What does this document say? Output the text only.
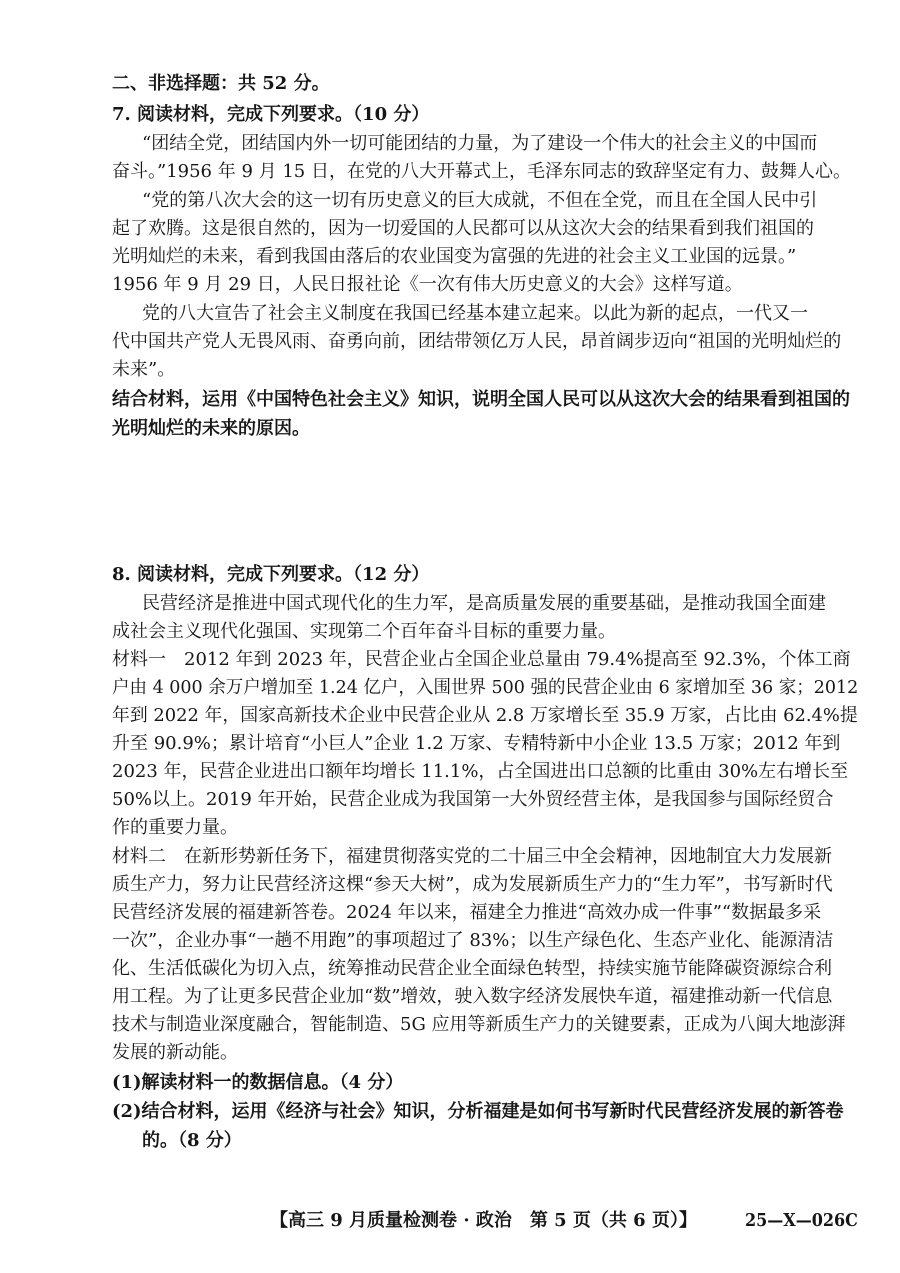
二、非选择题：共 52 分。
7. 阅读材料，完成下列要求。（10 分）
“团结全党，团结国内外一切可能团结的力量，为了建设一个伟大的社会主义的中国而
奋斗。”1956 年 9 月 15 日，在党的八大开幕式上，毛泽东同志的致辞坚定有力、鼓舞人心。
“党的第八次大会的这一切有历史意义的巨大成就，不但在全党，而且在全国人民中引
起了欢腾。这是很自然的，因为一切爱国的人民都可以从这次大会的结果看到我们祖国的
光明灿烂的未来，看到我国由落后的农业国变为富强的先进的社会主义工业国的远景。”
1956 年 9 月 29 日，人民日报社论《一次有伟大历史意义的大会》这样写道。
党的八大宣告了社会主义制度在我国已经基本建立起来。以此为新的起点，一代又一
代中国共产党人无畏风雨、奋勇向前，团结带领亿万人民，昂首阔步迈向“祖国的光明灿烂的
未来”。
结合材料，运用《中国特色社会主义》知识，说明全国人民可以从这次大会的结果看到祖国的
光明灿烂的未来的原因。
8. 阅读材料，完成下列要求。（12 分）
民营经济是推进中国式现代化的生力军，是高质量发展的重要基础，是推动我国全面建
成社会主义现代化强国、实现第二个百年奋斗目标的重要力量。
材料一　2012 年到 2023 年，民营企业占全国企业总量由 79.4%提高至 92.3%，个体工商
户由 4 000 余万户增加至 1.24 亿户，入围世界 500 强的民营企业由 6 家增加至 36 家；2012
年到 2022 年，国家高新技术企业中民营企业从 2.8 万家增长至 35.9 万家，占比由 62.4%提
升至 90.9%；累计培育“小巨人”企业 1.2 万家、专精特新中小企业 13.5 万家；2012 年到
2023 年，民营企业进出口额年均增长 11.1%，占全国进出口总额的比重由 30%左右增长至
50%以上。2019 年开始，民营企业成为我国第一大外贸经营主体，是我国参与国际经贸合
作的重要力量。
材料二　在新形势新任务下，福建贯彻落实党的二十届三中全会精神，因地制宜大力发展新
质生产力，努力让民营经济这棵“参天大树”，成为发展新质生产力的“生力军”，书写新时代
民营经济发展的福建新答卷。2024 年以来，福建全力推进“高效办成一件事”“数据最多采
一次”，企业办事“一趟不用跑”的事项超过了 83%；以生产绿色化、生态产业化、能源清洁
化、生活低碳化为切入点，统筹推动民营企业全面绿色转型，持续实施节能降碳资源综合利
用工程。为了让更多民营企业加“数”增效，驶入数字经济发展快车道，福建推动新一代信息
技术与制造业深度融合，智能制造、5G 应用等新质生产力的关键要素，正成为八闽大地澎湃
发展的新动能。
(1)解读材料一的数据信息。（4 分）
(2)结合材料，运用《经济与社会》知识，分析福建是如何书写新时代民营经济发展的新答卷
的。（8 分）
【高三 9 月质量检测卷 · 政治　第 5 页（共 6 页）】	25—X—026C
